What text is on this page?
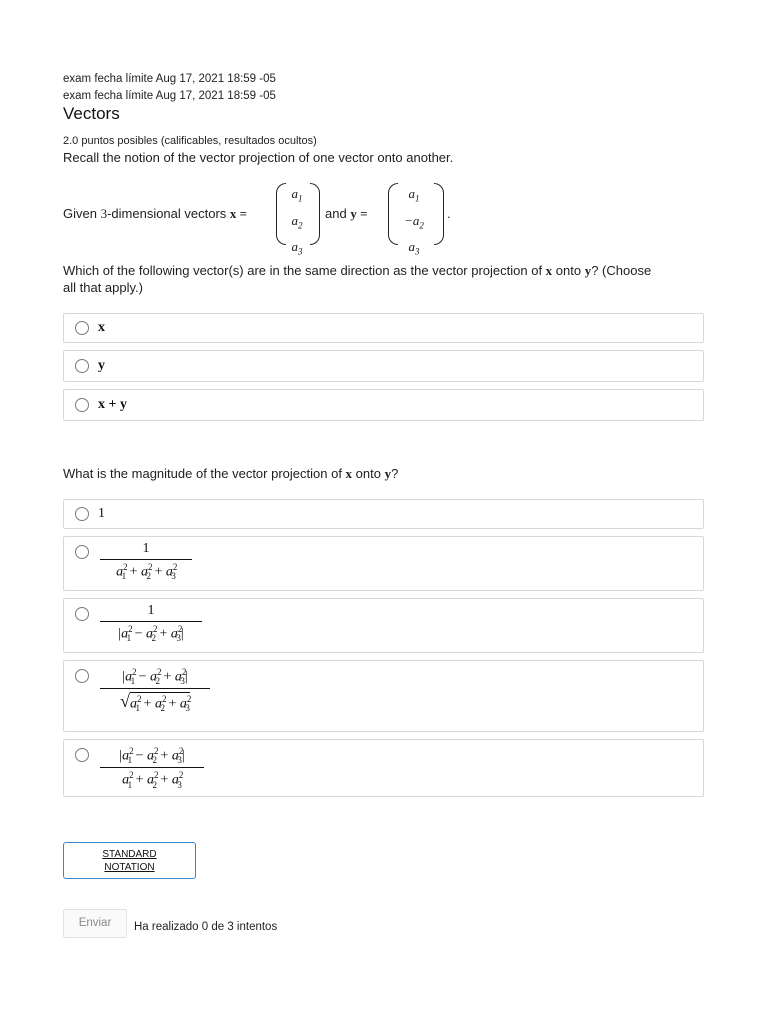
exam fecha límite Aug 17, 2021 18:59 -05
exam fecha límite Aug 17, 2021 18:59 -05
Vectors
2.0 puntos posibles (calificables, resultados ocultos)
Recall the notion of the vector projection of one vector onto another.
Given 3-dimensional vectors x =
$a_1$
$a_2$
$a_3$
and y =
$a_1$
$-a_2$
$a_3$
.
Which of the following vector(s) are in the same direction as the vector projection of x onto y? (Choose
all that apply.)
x
y
x + y
What is the magnitude of the vector projection of x onto y?
1
1
$a^2_1 + a^2_2 + a^2_3$
1
$|a^2_1 - a^2_2 + a^2_3|$
$|a^2_1 - a^2_2 + a^2_3|$
$√a^2_1 + a^2_2 + a^2_3$
$|a^2_1 - a^2_2 + a^2_3|$
$a^2_1 + a^2_2 + a^2_3$
STANDARD
NOTATION
Enviar	Ha realizado 0 de 3 intentos
